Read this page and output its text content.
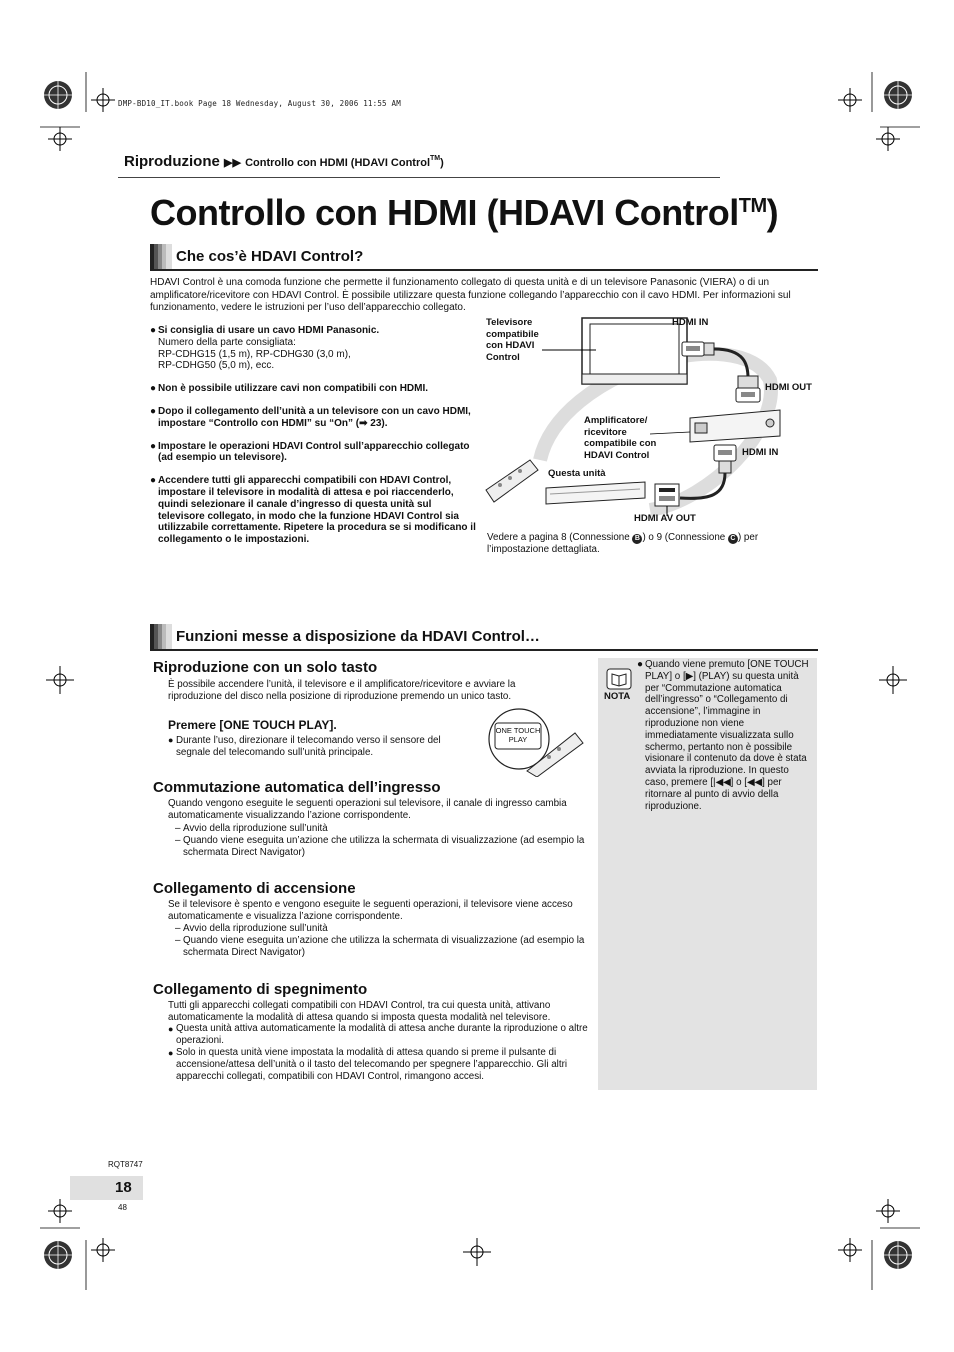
DMP-BD10_IT.book Page 18 Wednesday, August 30, 2006 11:55 AM
Riproduzione ▶▶ Controllo con HDMI (HDAVI Control™)
Controllo con HDMI (HDAVI Control™)
Che cos’è HDAVI Control?
HDAVI Control è una comoda funzione che permette il funzionamento collegato di questa unità e di un televisore Panasonic (VIERA) o di un amplificatore/ricevitore con HDAVI Control. È possibile utilizzare questa funzione collegando l’apparecchio con il cavo HDMI. Per informazioni sul funzionamento, vedere le istruzioni per l’uso dell’apparecchio collegato.
● Si consiglia di usare un cavo HDMI Panasonic.
Numero della parte consigliata:
RP-CDHG15 (1,5 m), RP-CDHG30 (3,0 m),
RP-CDHG50 (5,0 m), ecc.
● Non è possibile utilizzare cavi non compatibili con HDMI.
● Dopo il collegamento dell’unità a un televisore con un cavo HDMI, impostare “Controllo con HDMI” su “On” (➡ 23).
● Impostare le operazioni HDAVI Control sull’apparecchio collegato (ad esempio un televisore).
● Accendere tutti gli apparecchi compatibili con HDAVI Control, impostare il televisore in modalità di attesa e poi riaccenderlo, quindi selezionare il canale d’ingresso di questa unità sul televisore collegato, in modo che la funzione HDAVI Control sia utilizzabile correttamente. Ripetere la procedura se si modificano il collegamento o le impostazioni.
Televisore
compatibile
con HDAVI
Control
HDMI IN
HDMI OUT
Amplificatore/
ricevitore
compatibile con
HDAVI Control	HDMI IN
Questa unità
HDMI AV OUT
Vedere a pagina 8 (Connessione B ) o 9 (Connessione C ) per l’impostazione dettagliata.
Funzioni messe a disposizione da HDAVI Control…
NOTA
● Quando viene premuto [ONE TOUCH PLAY] o [▶] (PLAY) su questa unità per “Commutazione automatica dell’ingresso” o “Collegamento di accensione”, l’immagine in riproduzione non viene immediatamente visualizzata sullo schermo, pertanto non è possibile visionare il contenuto da dove è stata avviata la riproduzione. In questo caso, premere [|◀◀] o [◀◀] per ritornare al punto di avvio della riproduzione.
Riproduzione con un solo tasto
È possibile accendere l’unità, il televisore e il amplificatore/ricevitore e avviare la riproduzione del disco nella posizione di riproduzione premendo un unico tasto.
Premere [ONE TOUCH PLAY].
● Durante l’uso, direzionare il telecomando verso il sensore del segnale del telecomando sull’unità principale.
ONE TOUCH
PLAY
Commutazione automatica dell’ingresso
Quando vengono eseguite le seguenti operazioni sul televisore, il canale di ingresso cambia automaticamente visualizzando l’azione corrispondente.
– Avvio della riproduzione sull’unità
– Quando viene eseguita un’azione che utilizza la schermata di visualizzazione (ad esempio la schermata Direct Navigator)
Collegamento di accensione
Se il televisore è spento e vengono eseguite le seguenti operazioni, il televisore viene acceso automaticamente e visualizza l’azione corrispondente.
– Avvio della riproduzione sull’unità
– Quando viene eseguita un’azione che utilizza la schermata di visualizzazione (ad esempio la schermata Direct Navigator)
Collegamento di spegnimento
Tutti gli apparecchi collegati compatibili con HDAVI Control, tra cui questa unità, attivano automaticamente la modalità di attesa quando si imposta questa modalità nel televisore.
● Questa unità attiva automaticamente la modalità di attesa anche durante la riproduzione o altre operazioni.
● Solo in questa unità viene impostata la modalità di attesa quando si preme il pulsante di accensione/attesa dell’unità o il tasto del telecomando per spegnere l’apparecchio. Gli altri apparecchi collegati, compatibili con HDAVI Control, rimangono accesi.
RQT8747
18
48
